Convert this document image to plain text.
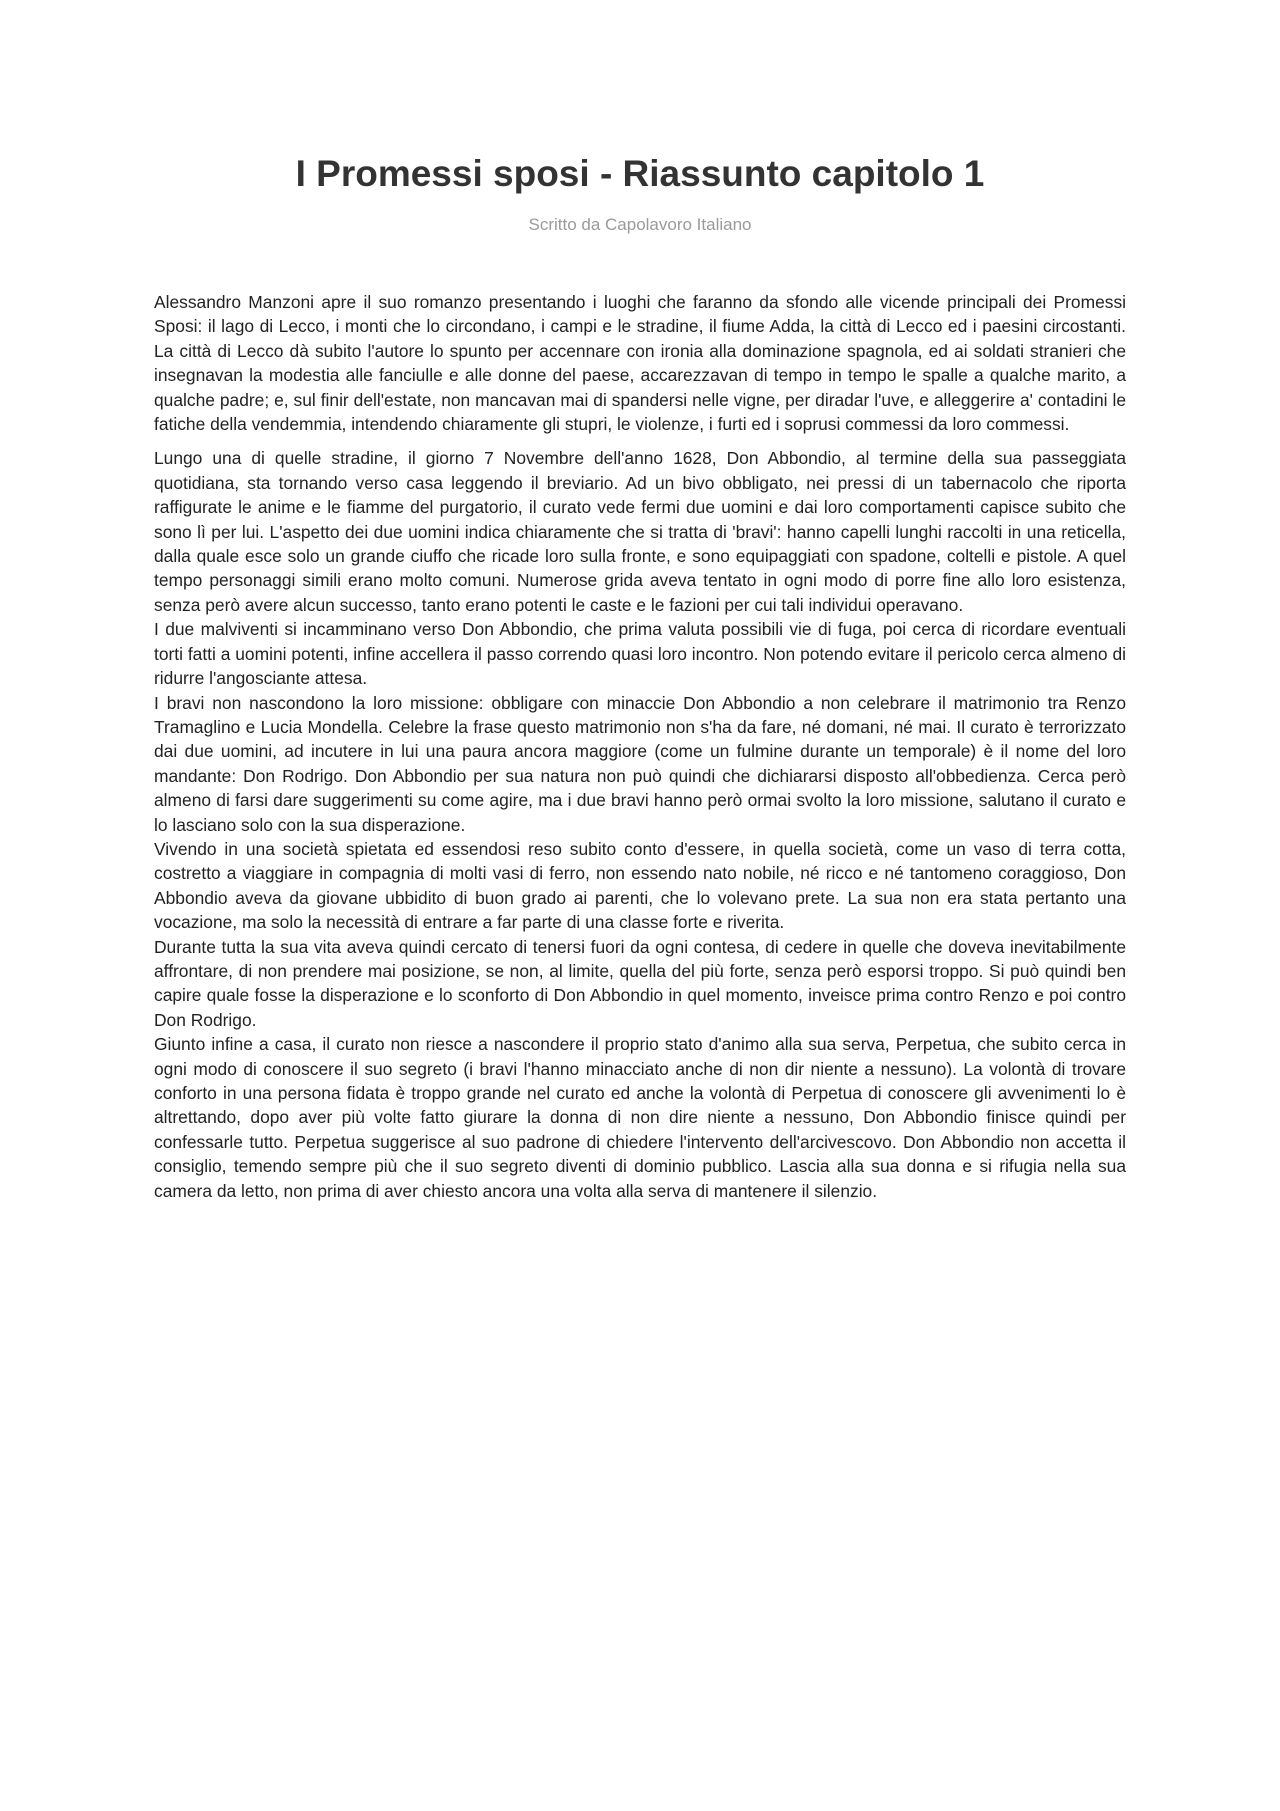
I Promessi sposi - Riassunto capitolo 1
Scritto da Capolavoro Italiano

Alessandro Manzoni apre il suo romanzo presentando i luoghi che faranno da sfondo alle vicende principali dei Promessi Sposi: il lago di Lecco, i monti che lo circondano, i campi e le stradine, il fiume Adda, la città di Lecco ed i paesini circostanti. La città di Lecco dà subito l'autore lo spunto per accennare con ironia alla dominazione spagnola, ed ai soldati stranieri che insegnavan la modestia alle fanciulle e alle donne del paese, accarezzavan di tempo in tempo le spalle a qualche marito, a qualche padre; e, sul finir dell'estate, non mancavan mai di spandersi nelle vigne, per diradar l'uve, e alleggerire a' contadini le fatiche della vendemmia, intendendo chiaramente gli stupri, le violenze, i furti ed i soprusi commessi da loro commessi.

Lungo una di quelle stradine, il giorno 7 Novembre dell'anno 1628, Don Abbondio, al termine della sua passeggiata quotidiana, sta tornando verso casa leggendo il breviario. Ad un bivo obbligato, nei pressi di un tabernacolo che riporta raffigurate le anime e le fiamme del purgatorio, il curato vede fermi due uomini e dai loro comportamenti capisce subito che sono lì per lui. L'aspetto dei due uomini indica chiaramente che si tratta di 'bravi': hanno capelli lunghi raccolti in una reticella, dalla quale esce solo un grande ciuffo che ricade loro sulla fronte, e sono equipaggiati con spadone, coltelli e pistole. A quel tempo personaggi simili erano molto comuni. Numerose grida aveva tentato in ogni modo di porre fine allo loro esistenza, senza però avere alcun successo, tanto erano potenti le caste e le fazioni per cui tali individui operavano.
I due malviventi si incamminano verso Don Abbondio, che prima valuta possibili vie di fuga, poi cerca di ricordare eventuali torti fatti a uomini potenti, infine accellera il passo correndo quasi loro incontro. Non potendo evitare il pericolo cerca almeno di ridurre l'angosciante attesa.
I bravi non nascondono la loro missione: obbligare con minaccie Don Abbondio a non celebrare il matrimonio tra Renzo Tramaglino e Lucia Mondella. Celebre la frase questo matrimonio non s'ha da fare, né domani, né mai. Il curato è terrorizzato dai due uomini, ad incutere in lui una paura ancora maggiore (come un fulmine durante un temporale) è il nome del loro mandante: Don Rodrigo. Don Abbondio per sua natura non può quindi che dichiararsi disposto all'obbedienza. Cerca però almeno di farsi dare suggerimenti su come agire, ma i due bravi hanno però ormai svolto la loro missione, salutano il curato e lo lasciano solo con la sua disperazione.
Vivendo in una società spietata ed essendosi reso subito conto d'essere, in quella società, come un vaso di terra cotta, costretto a viaggiare in compagnia di molti vasi di ferro, non essendo nato nobile, né ricco e né tantomeno coraggioso, Don Abbondio aveva da giovane ubbidito di buon grado ai parenti, che lo volevano prete. La sua non era stata pertanto una vocazione, ma solo la necessità di entrare a far parte di una classe forte e riverita.
Durante tutta la sua vita aveva quindi cercato di tenersi fuori da ogni contesa, di cedere in quelle che doveva inevitabilmente affrontare, di non prendere mai posizione, se non, al limite, quella del più forte, senza però esporsi troppo. Si può quindi ben capire quale fosse la disperazione e lo sconforto di Don Abbondio in quel momento, inveisce prima contro Renzo e poi contro Don Rodrigo.
Giunto infine a casa, il curato non riesce a nascondere il proprio stato d'animo alla sua serva, Perpetua, che subito cerca in ogni modo di conoscere il suo segreto (i bravi l'hanno minacciato anche di non dir niente a nessuno). La volontà di trovare conforto in una persona fidata è troppo grande nel curato ed anche la volontà di Perpetua di conoscere gli avvenimenti lo è altrettando, dopo aver più volte fatto giurare la donna di non dire niente a nessuno, Don Abbondio finisce quindi per confessarle tutto. Perpetua suggerisce al suo padrone di chiedere l'intervento dell'arcivescovo. Don Abbondio non accetta il consiglio, temendo sempre più che il suo segreto diventi di dominio pubblico. Lascia alla sua donna e si rifugia nella sua camera da letto, non prima di aver chiesto ancora una volta alla serva di mantenere il silenzio.
